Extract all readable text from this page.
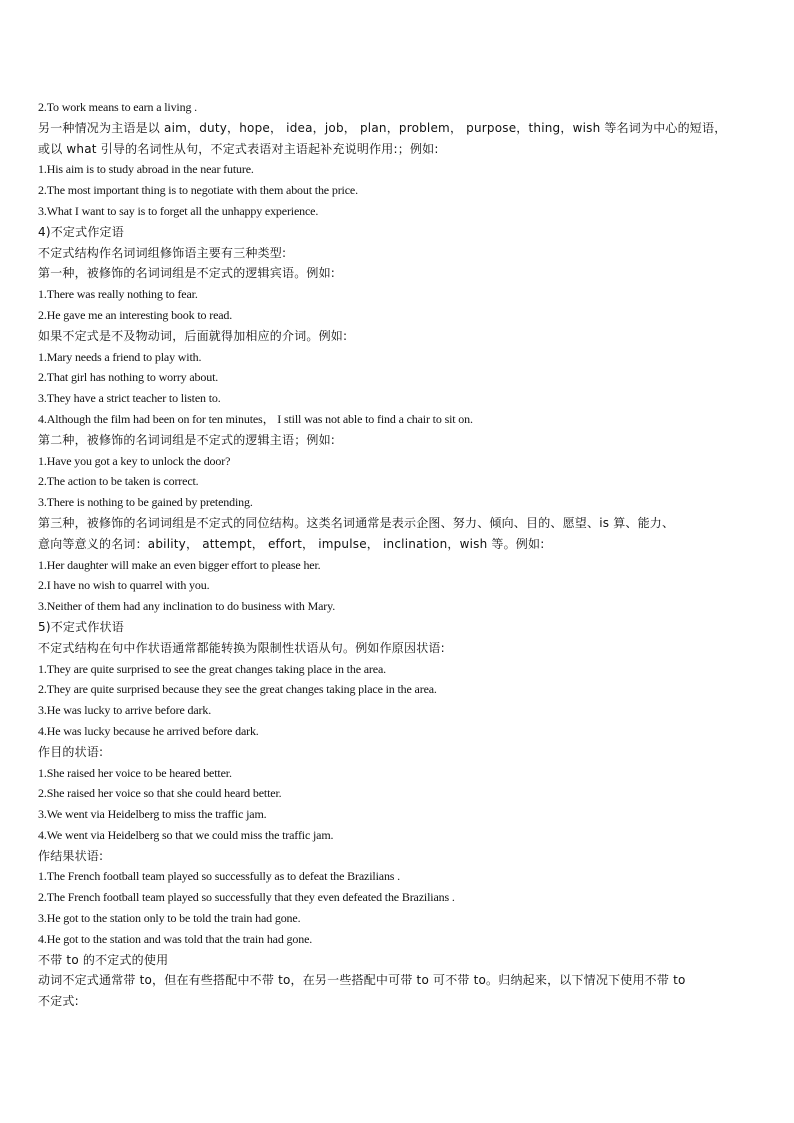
2.To work means to earn a living .
另一种情况为主语是以 aim，duty，hope， idea，job， plan，problem， purpose，thing，wish 等名词为中心的短语，
或以 what 引导的名词性从句，不定式表语对主语起补充说明作用:；例如:
1.His aim is to study abroad in the near future.
2.The most important thing is to negotiate with them about the price.
3.What I want to say is to forget all the unhappy experience.
4)不定式作定语
不定式结构作名词词组修饰语主要有三种类型:
第一种，被修饰的名词词组是不定式的逻辑宾语。例如:
1.There was really nothing to fear.
2.He gave me an interesting book to read.
如果不定式是不及物动词，后面就得加相应的介词。例如:
1.Mary needs a friend to play with.
2.That girl has nothing to worry about.
3.They have a strict teacher to listen to.
4.Although the film had been on for ten minutes， I still was not able to find a chair to sit on.
第二种，被修饰的名词词组是不定式的逻辑主语；例如:
1.Have you got a key to unlock the door?
2.The action to be taken is correct.
3.There is nothing to be gained by pretending.
第三种，被修饰的名词词组是不定式的同位结构。这类名词通常是表示企图、努力、倾向、目的、愿望、is 算、能力、
意向等意义的名词：ability， attempt， effort， impulse， inclination，wish 等。例如:
1.Her daughter will make an even bigger effort to please her.
2.I have no wish to quarrel with you.
3.Neither of them had any inclination to do business with Mary.
5)不定式作状语
不定式结构在句中作状语通常都能转换为限制性状语从句。例如作原因状语:
1.They are quite surprised to see the great changes taking place in the area.
2.They are quite surprised because they see the great changes taking place in the area.
3.He was lucky to arrive before dark.
4.He was lucky because he arrived before dark.
作目的状语:
1.She raised her voice to be heared better.
2.She raised her voice so that she could heard better.
3.We went via Heidelberg to miss the traffic jam.
4.We went via Heidelberg so that we could miss the traffic jam.
作结果状语:
1.The French football team played so successfully as to defeat the Brazilians .
2.The French football team played so successfully that they even defeated the Brazilians .
3.He got to the station only to be told the train had gone.
4.He got to the station and was told that the train had gone.
不带 to 的不定式的使用
动词不定式通常带 to，但在有些搭配中不带 to，在另一些搭配中可带 to 可不带 to。归纳起来，以下情况下使用不带 to
不定式:
